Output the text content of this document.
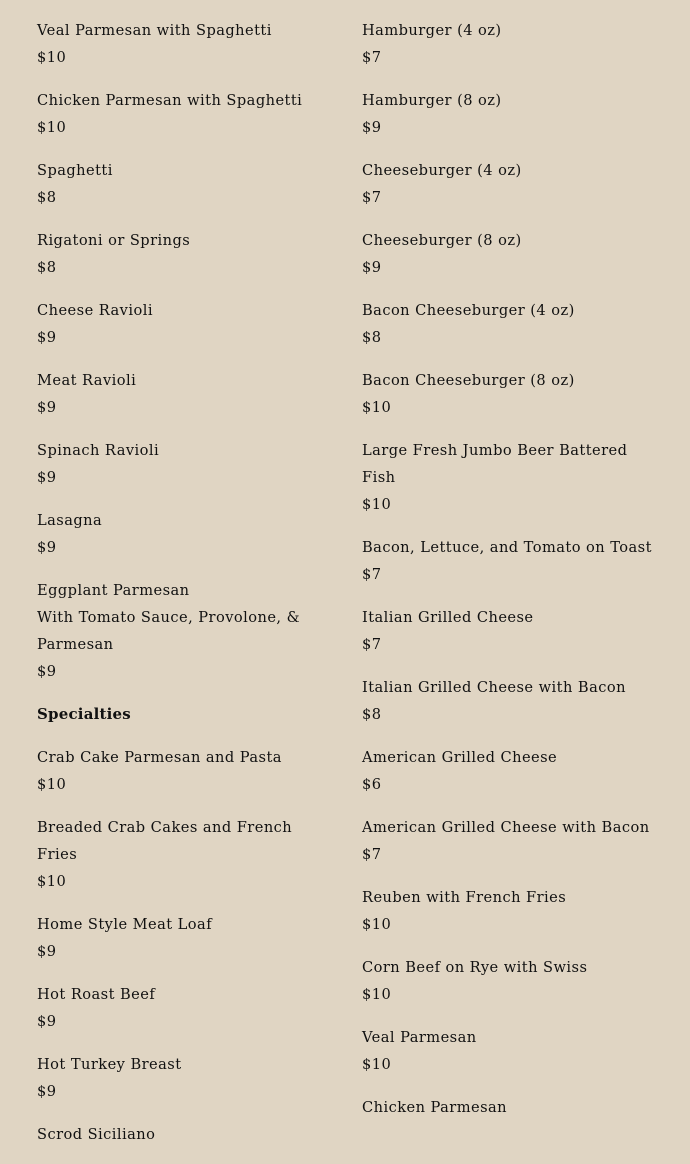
Veal Parmesan with Spaghetti
$10
Chicken Parmesan with Spaghetti
$10
Spaghetti
$8
Rigatoni or Springs
$8
Cheese Ravioli
$9
Meat Ravioli
$9
Spinach Ravioli
$9
Lasagna
$9
Eggplant Parmesan
With Tomato Sauce, Provolone, & Parmesan
$9
Specialties
Crab Cake Parmesan and Pasta
$10
Breaded Crab Cakes and French Fries
$10
Home Style Meat Loaf
$9
Hot Roast Beef
$9
Hot Turkey Breast
$9
Scrod Siciliano
Hamburger (4 oz)
$7
Hamburger (8 oz)
$9
Cheeseburger (4 oz)
$7
Cheeseburger (8 oz)
$9
Bacon Cheeseburger (4 oz)
$8
Bacon Cheeseburger (8 oz)
$10
Large Fresh Jumbo Beer Battered Fish
$10
Bacon, Lettuce, and Tomato on Toast
$7
Italian Grilled Cheese
$7
Italian Grilled Cheese with Bacon
$8
American Grilled Cheese
$6
American Grilled Cheese with Bacon
$7
Reuben with French Fries
$10
Corn Beef on Rye with Swiss
$10
Veal Parmesan
$10
Chicken Parmesan
